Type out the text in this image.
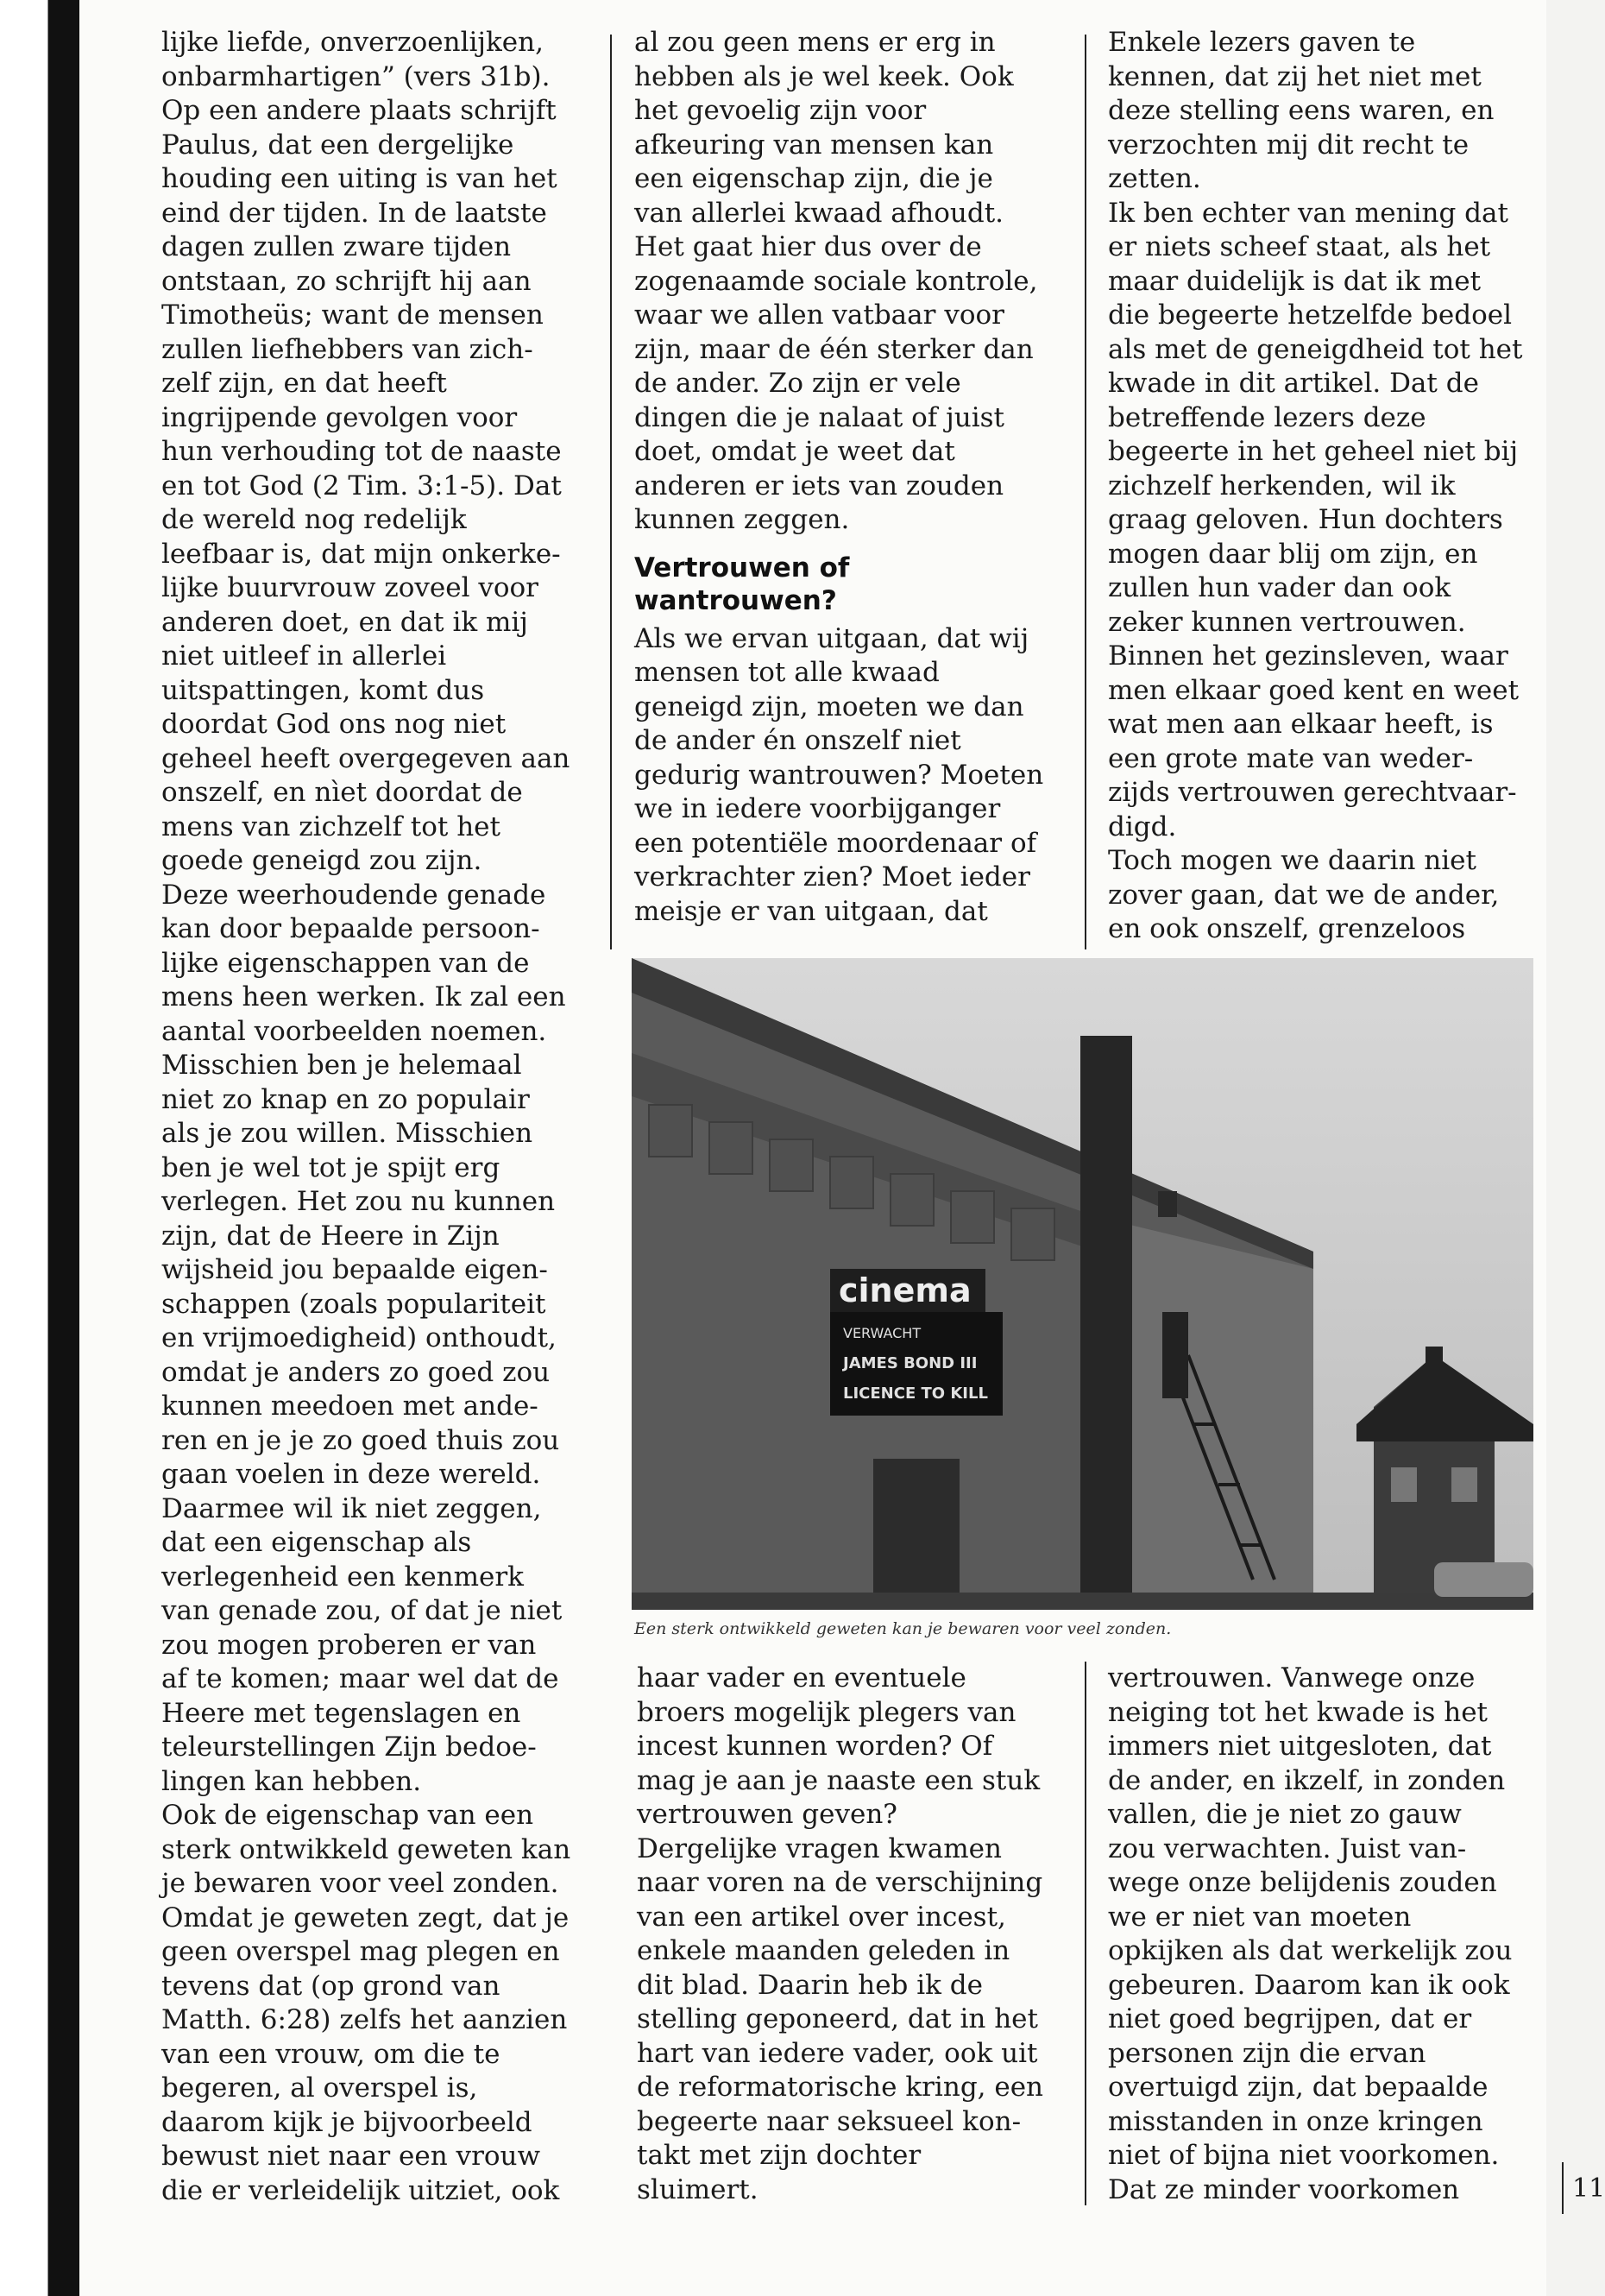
lijke liefde, onverzoenlijken,

onbarmhartigen” (vers 31b).

Op een andere plaats schrijft

Paulus, dat een dergelijke

houding een uiting is van het

eind der tijden. In de laatste

dagen zullen zware tijden

ontstaan, zo schrijft hij aan

Timotheüs; want de mensen

zullen liefhebbers van zich-

zelf zijn, en dat heeft

ingrijpende gevolgen voor

hun verhouding tot de naaste

en tot God (2 Tim. 3:1-5). Dat

de wereld nog redelijk

leefbaar is, dat mijn onkerke-

lijke buurvrouw zoveel voor

anderen doet, en dat ik mij

niet uitleef in allerlei

uitspattingen, komt dus

doordat God ons nog niet

geheel heeft overgegeven aan

onszelf, en nìet doordat de

mens van zichzelf tot het

goede geneigd zou zijn.

Deze weerhoudende genade

kan door bepaalde persoon-

lijke eigenschappen van de

mens heen werken. Ik zal een

aantal voorbeelden noemen.

Misschien ben je helemaal

niet zo knap en zo populair

als je zou willen. Misschien

ben je wel tot je spijt erg

verlegen. Het zou nu kunnen

zijn, dat de Heere in Zijn

wijsheid jou bepaalde eigen-

schappen (zoals populariteit

en vrijmoedigheid) onthoudt,

omdat je anders zo goed zou

kunnen meedoen met ande-

ren en je je zo goed thuis zou

gaan voelen in deze wereld.

Daarmee wil ik niet zeggen,

dat een eigenschap als

verlegenheid een kenmerk

van genade zou, of dat je niet

zou mogen proberen er van

af te komen; maar wel dat de

Heere met tegenslagen en

teleurstellingen Zijn bedoe-

lingen kan hebben.

Ook de eigenschap van een

sterk ontwikkeld geweten kan

je bewaren voor veel zonden.

Omdat je geweten zegt, dat je

geen overspel mag plegen en

tevens dat (op grond van

Matth. 6:28) zelfs het aanzien

van een vrouw, om die te

begeren, al overspel is,

daarom kijk je bijvoorbeeld

bewust niet naar een vrouw

die er verleidelijk uitziet, ook

al zou geen mens er erg in

hebben als je wel keek. Ook

het gevoelig zijn voor

afkeuring van mensen kan

een eigenschap zijn, die je

van allerlei kwaad afhoudt.

Het gaat hier dus over de

zogenaamde sociale kontrole,

waar we allen vatbaar voor

zijn, maar de één sterker dan

de ander. Zo zijn er vele

dingen die je nalaat of juist

doet, omdat je weet dat

anderen er iets van zouden

kunnen zeggen.

Vertrouwen of
wantrouwen?

Als we ervan uitgaan, dat wij

mensen tot alle kwaad

geneigd zijn, moeten we dan

de ander én onszelf niet

gedurig wantrouwen? Moeten

we in iedere voorbijganger

een potentiële moordenaar of

verkrachter zien? Moet ieder

meisje er van uitgaan, dat

Enkele lezers gaven te

kennen, dat zij het niet met

deze stelling eens waren, en

verzochten mij dit recht te

zetten.

Ik ben echter van mening dat

er niets scheef staat, als het

maar duidelijk is dat ik met

die begeerte hetzelfde bedoel

als met de geneigdheid tot het

kwade in dit artikel. Dat de

betreffende lezers deze

begeerte in het geheel niet bij

zichzelf herkenden, wil ik

graag geloven. Hun dochters

mogen daar blij om zijn, en

zullen hun vader dan ook

zeker kunnen vertrouwen.

Binnen het gezinsleven, waar

men elkaar goed kent en weet

wat men aan elkaar heeft, is

een grote mate van weder-

zijds vertrouwen gerechtvaar-

digd.

Toch mogen we daarin niet

zover gaan, dat we de ander,

en ook onszelf, grenzeloos

cinema
VERWACHT
JAMES BOND III
LICENCE TO KILL
Een sterk ontwikkeld geweten kan je bewaren voor veel zonden.

haar vader en eventuele

broers mogelijk plegers van

incest kunnen worden? Of

mag je aan je naaste een stuk

vertrouwen geven?

Dergelijke vragen kwamen

naar voren na de verschijning

van een artikel over incest,

enkele maanden geleden in

dit blad. Daarin heb ik de

stelling geponeerd, dat in het

hart van iedere vader, ook uit

de reformatorische kring, een

begeerte naar seksueel kon-

takt met zijn dochter

sluimert.

vertrouwen. Vanwege onze

neiging tot het kwade is het

immers niet uitgesloten, dat

de ander, en ikzelf, in zonden

vallen, die je niet zo gauw

zou verwachten. Juist van-

wege onze belijdenis zouden

we er niet van moeten

opkijken als dat werkelijk zou

gebeuren. Daarom kan ik ook

niet goed begrijpen, dat er

personen zijn die ervan

overtuigd zijn, dat bepaalde

misstanden in onze kringen

niet of bijna niet voorkomen.

Dat ze minder voorkomen	11
